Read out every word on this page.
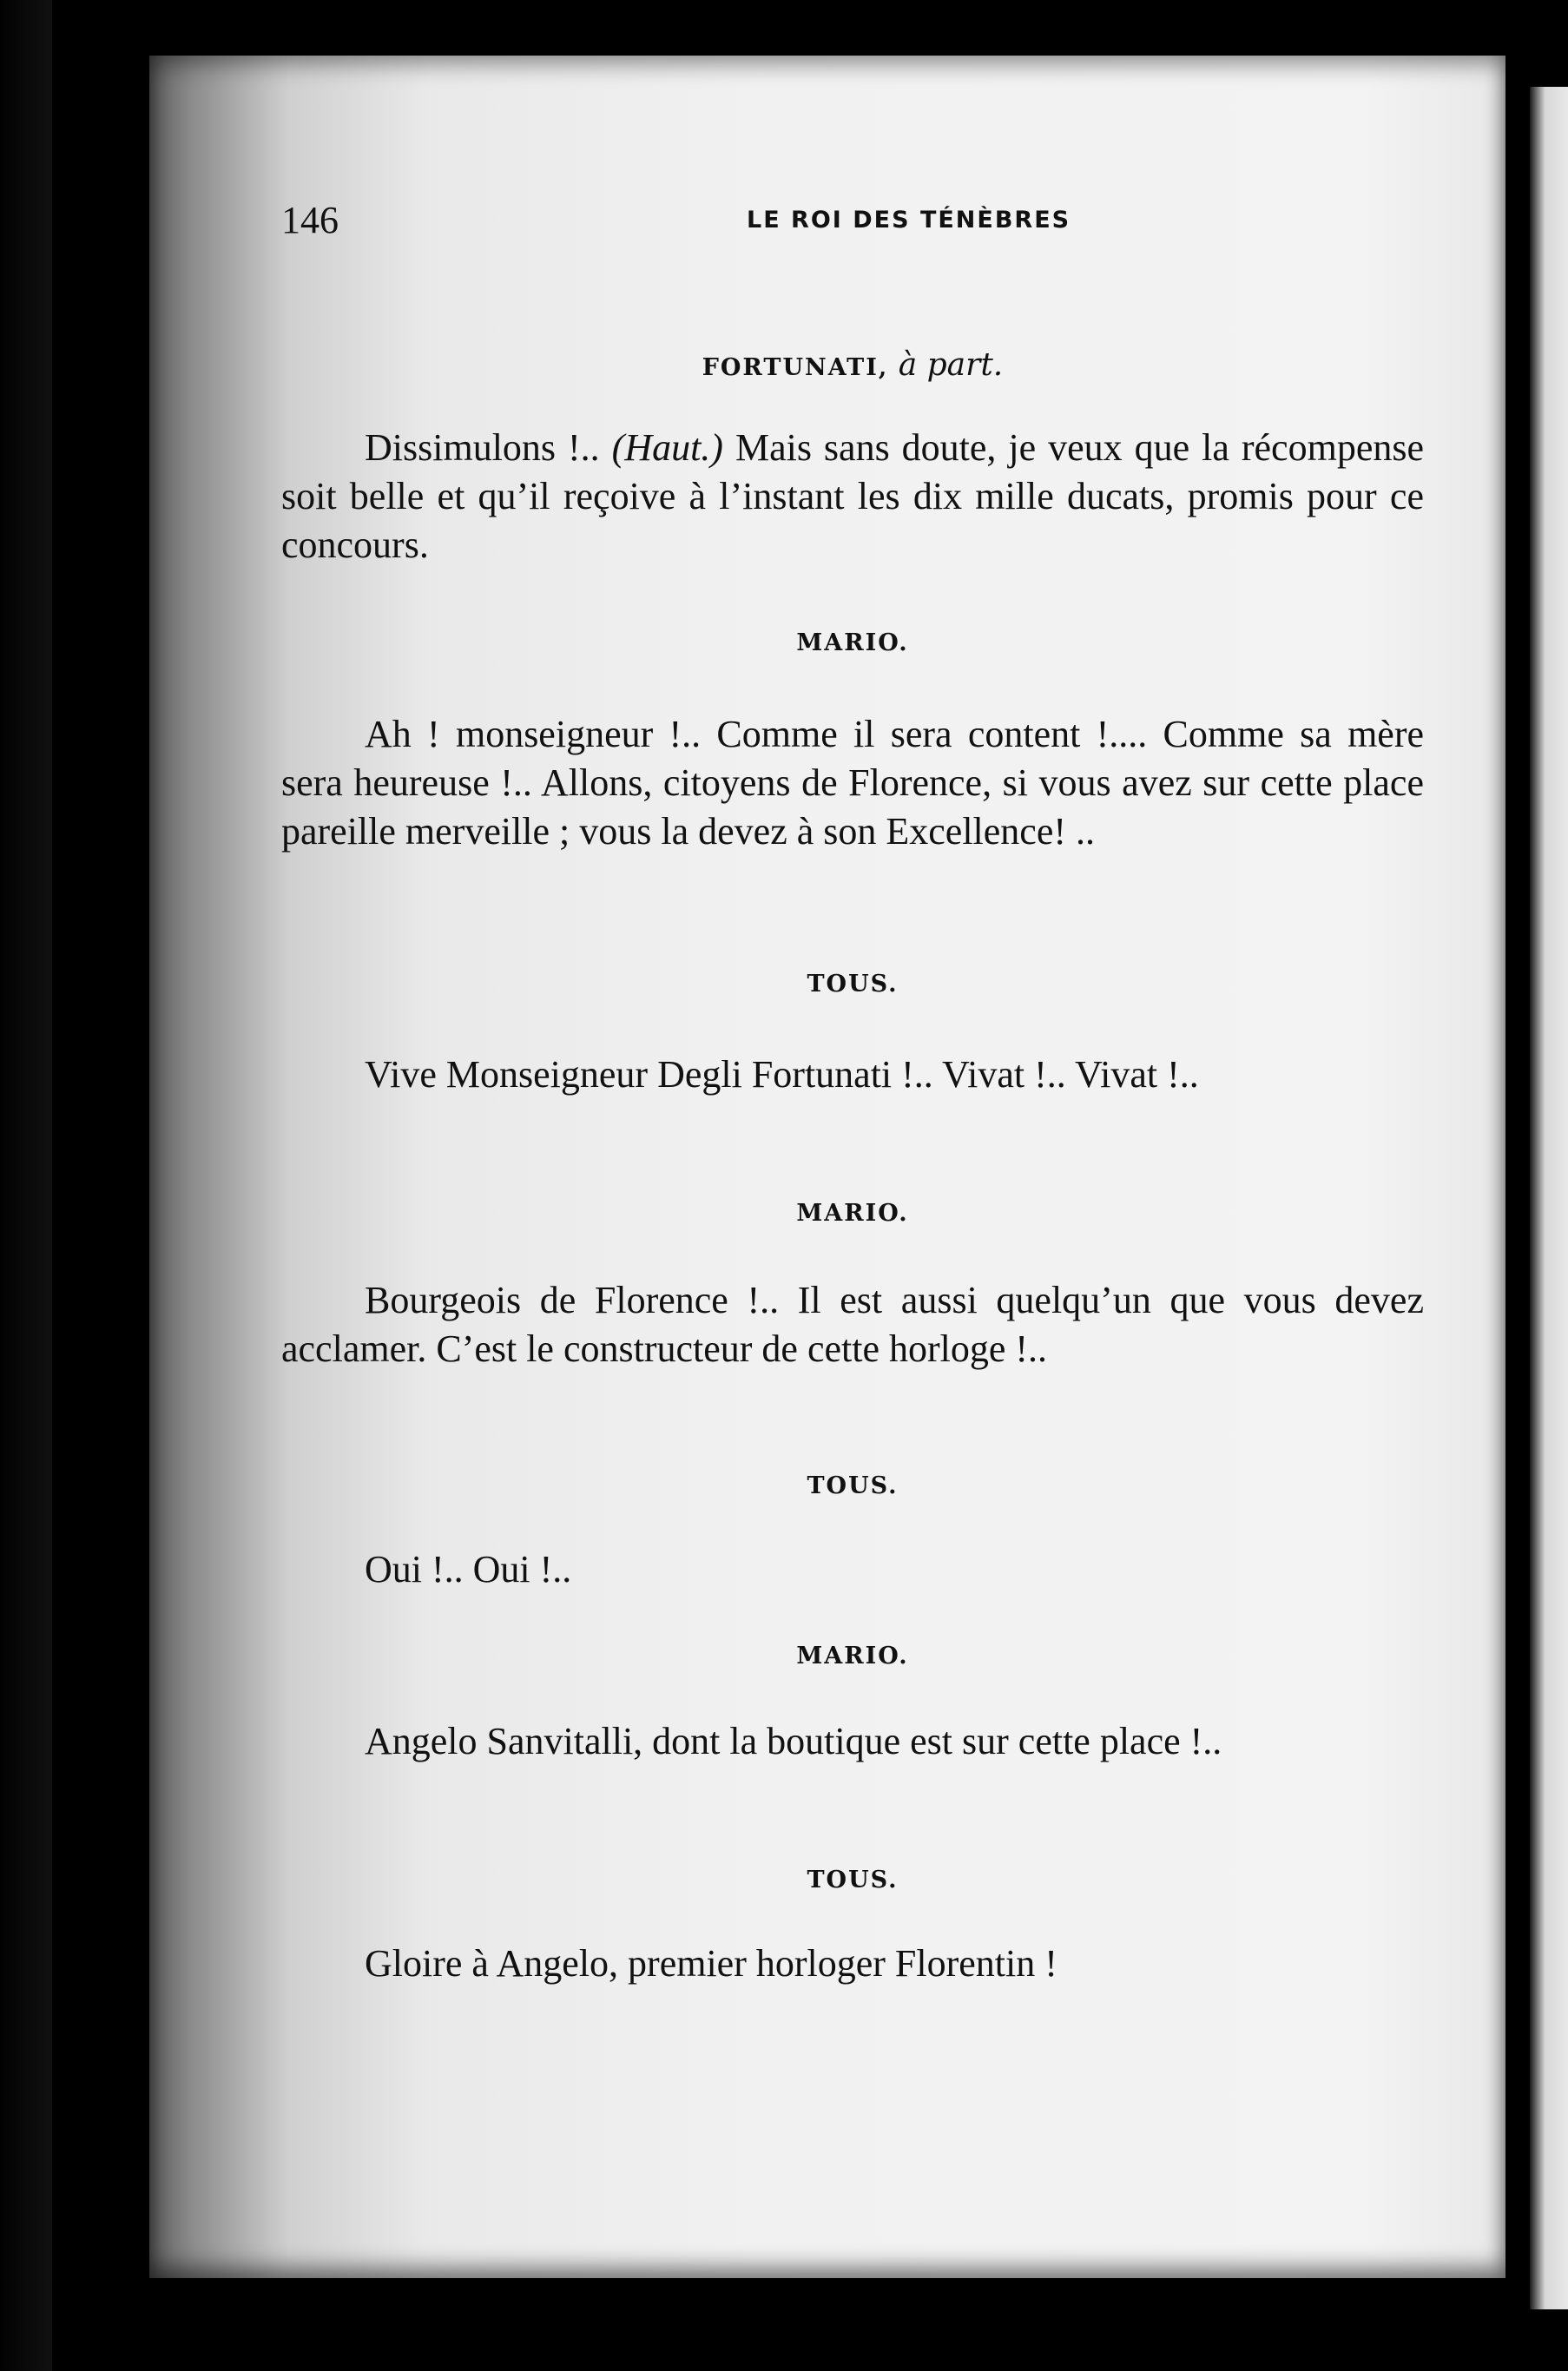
146	LE ROI DES TÉNÈBRES
FORTUNATI, à part.
Dissimulons !.. (Haut.) Mais sans doute, je veux que la récompense soit belle et qu’il reçoive à l’instant les dix mille ducats, promis pour ce concours.
MARIO.
Ah ! monseigneur !.. Comme il sera content !.... Comme sa mère sera heureuse !.. Allons, citoyens de Florence, si vous avez sur cette place pareille merveille ; vous la devez à son Excellence! ..
TOUS.
Vive Monseigneur Degli Fortunati !.. Vivat !.. Vivat !..
MARIO.
Bourgeois de Florence !.. Il est aussi quelqu’un que vous devez acclamer. C’est le constructeur de cette horloge !..
TOUS.
Oui !.. Oui !..
MARIO.
Angelo Sanvitalli, dont la boutique est sur cette place !..
TOUS.
Gloire à Angelo, premier horloger Florentin !
